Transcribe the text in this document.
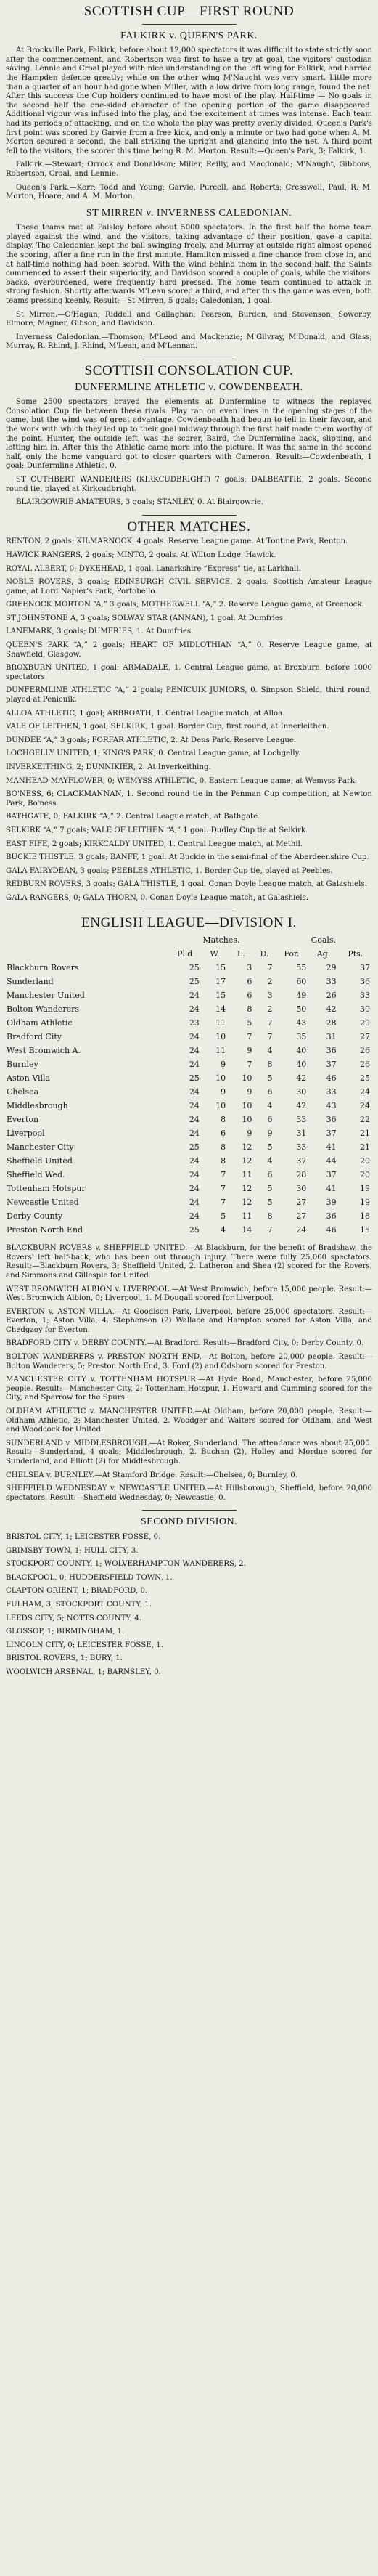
SCOTTISH CUP—FIRST ROUND
FALKIRK v. QUEEN'S PARK.

At Brockville Park, Falkirk, before about 12,000 spectators it was difficult to state strictly soon after the commencement, and Robertson was first to have a try at goal, the visitors' custodian saving. Lennie and Croal played with nice understanding on the left wing for Falkirk, and harried the Hampden defence greatly; while on the other wing M'Naught was very smart. Little more than a quarter of an hour had gone when Miller, with a low drive from long range, found the net. After this success the Cup holders continued to have most of the play. Half-time — No goals in the second half the one-sided character of the opening portion of the game disappeared. Additional vigour was infused into the play, and the excitement at times was intense. Each team had its periods of attacking, and on the whole the play was pretty evenly divided. Queen's Park's first point was scored by Garvie from a free kick, and only a minute or two had gone when A. M. Morton secured a second, the ball striking the upright and glancing into the net. A third point fell to the visitors, the scorer this time being R. M. Morton. Result:—Queen's Park, 3; Falkirk, 1.

Falkirk.—Stewart; Orrock and Donaldson; Miller, Reilly, and Macdonald; M'Naught, Gibbons, Robertson, Croal, and Lennie.

Queen's Park.—Kerr; Todd and Young; Garvie, Purcell, and Roberts; Cresswell, Paul, R. M. Morton, Hoare, and A. M. Morton.

ST MIRREN v. INVERNESS CALEDONIAN.

These teams met at Paisley before about 5000 spectators. In the first half the home team played against the wind, and the visitors, taking advantage of their position, gave a capital display. The Caledonian kept the ball swinging freely, and Murray at outside right almost opened the scoring, after a fine run in the first minute. Hamilton missed a fine chance from close in, and at half-time nothing had been scored. With the wind behind them in the second half, the Saints commenced to assert their superiority, and Davidson scored a couple of goals, while the visitors' backs, overburdened, were frequently hard pressed. The home team continued to attack in strong fashion. Shortly afterwards M'Lean scored a third, and after this the game was even, both teams pressing keenly. Result:—St Mirren, 5 goals; Caledonian, 1 goal.

St Mirren.—O'Hagan; Riddell and Callaghan; Pearson, Burden, and Stevenson; Sowerby, Elmore, Magner, Gibson, and Davidson.

Inverness Caledonian.—Thomson; M'Leod and Mackenzie; M'Gilvray, M'Donald, and Glass; Murray, R. Rhind, J. Rhind, M'Lean, and M'Lennan.

SCOTTISH CONSOLATION CUP.
DUNFERMLINE ATHLETIC v. COWDENBEATH.

Some 2500 spectators braved the elements at Dunfermline to witness the replayed Consolation Cup tie between these rivals. Play ran on even lines in the opening stages of the game, but the wind was of great advantage. Cowdenbeath had begun to tell in their favour, and the work with which they led up to their goal midway through the first half made them worthy of the point. Hunter, the outside left, was the scorer, Baird, the Dunfermline back, slipping, and letting him in. After this the Athletic came more into the picture. It was the same in the second half, only the home vanguard got to closer quarters with Cameron. Result:—Cowdenbeath, 1 goal; Dunfermline Athletic, 0.

ST CUTHBERT WANDERERS (KIRKCUDBRIGHT) 7 goals; DALBEATTIE, 2 goals. Second round tie, played at Kirkcudbright.

BLAIRGOWRIE AMATEURS, 3 goals; STANLEY, 0. At Blairgowrie.

OTHER MATCHES.

RENTON, 2 goals; KILMARNOCK, 4 goals. Reserve League game. At Tontine Park, Renton.

HAWICK RANGERS, 2 goals; MINTO, 2 goals. At Wilton Lodge, Hawick.

ROYAL ALBERT, 0; DYKEHEAD, 1 goal. Lanarkshire “Express” tie, at Larkhall.

NOBLE ROVERS, 3 goals; EDINBURGH CIVIL SERVICE, 2 goals. Scottish Amateur League game, at Lord Napier's Park, Portobello.

GREENOCK MORTON “A,” 3 goals; MOTHERWELL “A,” 2. Reserve League game, at Greenock.

ST JOHNSTONE A, 3 goals; SOLWAY STAR (ANNAN), 1 goal. At Dumfries.

LANEMARK, 3 goals; DUMFRIES, 1. At Dumfries.

QUEEN'S PARK “A,” 2 goals; HEART OF MIDLOTHIAN “A,” 0. Reserve League game, at Shawfield, Glasgow.

BROXBURN UNITED, 1 goal; ARMADALE, 1. Central League game, at Broxburn, before 1000 spectators.

DUNFERMLINE ATHLETIC “A,” 2 goals; PENICUIK JUNIORS, 0. Simpson Shield, third round, played at Penicuik.

ALLOA ATHLETIC, 1 goal; ARBROATH, 1. Central League match, at Alloa.

VALE OF LEITHEN, 1 goal; SELKIRK, 1 goal. Border Cup, first round, at Innerleithen.

DUNDEE “A,” 3 goals; FORFAR ATHLETIC, 2. At Dens Park. Reserve League.

LOCHGELLY UNITED, 1; KING'S PARK, 0. Central League game, at Lochgelly.

INVERKEITHING, 2; DUNNIKIER, 2. At Inverkeithing.

MANHEAD MAYFLOWER, 0; WEMYSS ATHLETIC, 0. Eastern League game, at Wemyss Park.

BO'NESS, 6; CLACKMANNAN, 1. Second round tie in the Penman Cup competition, at Newton Park, Bo'ness.

BATHGATE, 0; FALKIRK “A,” 2. Central League match, at Bathgate.

SELKIRK “A,” 7 goals; VALE OF LEITHEN “A,” 1 goal. Dudley Cup tie at Selkirk.

EAST FIFE, 2 goals; KIRKCALDY UNITED, 1. Central League match, at Methil.

BUCKIE THISTLE, 3 goals; BANFF, 1 goal. At Buckie in the semi-final of the Aberdeenshire Cup.

GALA FAIRYDEAN, 3 goals; PEEBLES ATHLETIC, 1. Border Cup tie, played at Peebles.

REDBURN ROVERS, 3 goals; GALA THISTLE, 1 goal. Conan Doyle League match, at Galashiels.

GALA RANGERS, 0; GALA THORN, 0. Conan Doyle League match, at Galashiels.

ENGLISH LEAGUE—DIVISION I.
	Matches.				Goals.		
	Pl'd	W.	L.	D.	For.	Ag.	Pts.
Blackburn Rovers	25	15	3	7	55	29	37
Sunderland	25	17	6	2	60	33	36
Manchester United	24	15	6	3	49	26	33
Bolton Wanderers	24	14	8	2	50	42	30
Oldham Athletic	23	11	5	7	43	28	29
Bradford City	24	10	7	7	35	31	27
West Bromwich A.	24	11	9	4	40	36	26
Burnley	24	9	7	8	40	37	26
Aston Villa	25	10	10	5	42	46	25
Chelsea	24	9	9	6	30	33	24
Middlesbrough	24	10	10	4	42	43	24
Everton	24	8	10	6	33	36	22
Liverpool	24	6	9	9	31	37	21
Manchester City	25	8	12	5	33	41	21
Sheffield United	24	8	12	4	37	44	20
Sheffield Wed.	24	7	11	6	28	37	20
Tottenham Hotspur	24	7	12	5	30	41	19
Newcastle United	24	7	12	5	27	39	19
Derby County	24	5	11	8	27	36	18
Preston North End	25	4	14	7	24	46	15

BLACKBURN ROVERS v. SHEFFIELD UNITED.—At Blackburn, for the benefit of Bradshaw, the Rovers' left half-back, who has been out through injury. There were fully 25,000 spectators. Result:—Blackburn Rovers, 3; Sheffield United, 2. Latheron and Shea (2) scored for the Rovers, and Simmons and Gillespie for United.

WEST BROMWICH ALBION v. LIVERPOOL.—At West Bromwich, before 15,000 people. Result:—West Bromwich Albion, 0; Liverpool, 1. M'Dougall scored for Liverpool.

EVERTON v. ASTON VILLA.—At Goodison Park, Liverpool, before 25,000 spectators. Result:—Everton, 1; Aston Villa, 4. Stephenson (2) Wallace and Hampton scored for Aston Villa, and Chedgzoy for Everton.

BRADFORD CITY v. DERBY COUNTY.—At Bradford. Result:—Bradford City, 0; Derby County, 0.

BOLTON WANDERERS v. PRESTON NORTH END.—At Bolton, before 20,000 people. Result:—Bolton Wanderers, 5; Preston North End, 3. Ford (2) and Odsborn scored for Preston.

MANCHESTER CITY v. TOTTENHAM HOTSPUR.—At Hyde Road, Manchester, before 25,000 people. Result:—Manchester City, 2; Tottenham Hotspur, 1. Howard and Cumming scored for the City, and Sparrow for the Spurs.

OLDHAM ATHLETIC v. MANCHESTER UNITED.—At Oldham, before 20,000 people. Result:—Oldham Athletic, 2; Manchester United, 2. Woodger and Walters scored for Oldham, and West and Woodcock for United.

SUNDERLAND v. MIDDLESBROUGH.—At Roker, Sunderland. The attendance was about 25,000. Result:—Sunderland, 4 goals; Middlesbrough, 2. Buchan (2), Holley and Mordue scored for Sunderland, and Elliott (2) for Middlesbrough.

CHELSEA v. BURNLEY.—At Stamford Bridge. Result:—Chelsea, 0; Burnley, 0.

SHEFFIELD WEDNESDAY v. NEWCASTLE UNITED.—At Hillsborough, Sheffield, before 20,000 spectators. Result:—Sheffield Wednesday, 0; Newcastle, 0.

SECOND DIVISION.

BRISTOL CITY, 1; LEICESTER FOSSE, 0.

GRIMSBY TOWN, 1; HULL CITY, 3.

STOCKPORT COUNTY, 1; WOLVERHAMPTON WANDERERS, 2.

BLACKPOOL, 0; HUDDERSFIELD TOWN, 1.

CLAPTON ORIENT, 1; BRADFORD, 0.

FULHAM, 3; STOCKPORT COUNTY, 1.

LEEDS CITY, 5; NOTTS COUNTY, 4.

GLOSSOP, 1; BIRMINGHAM, 1.

LINCOLN CITY, 0; LEICESTER FOSSE, 1.

BRISTOL ROVERS, 1; BURY, 1.

WOOLWICH ARSENAL, 1; BARNSLEY, 0.
